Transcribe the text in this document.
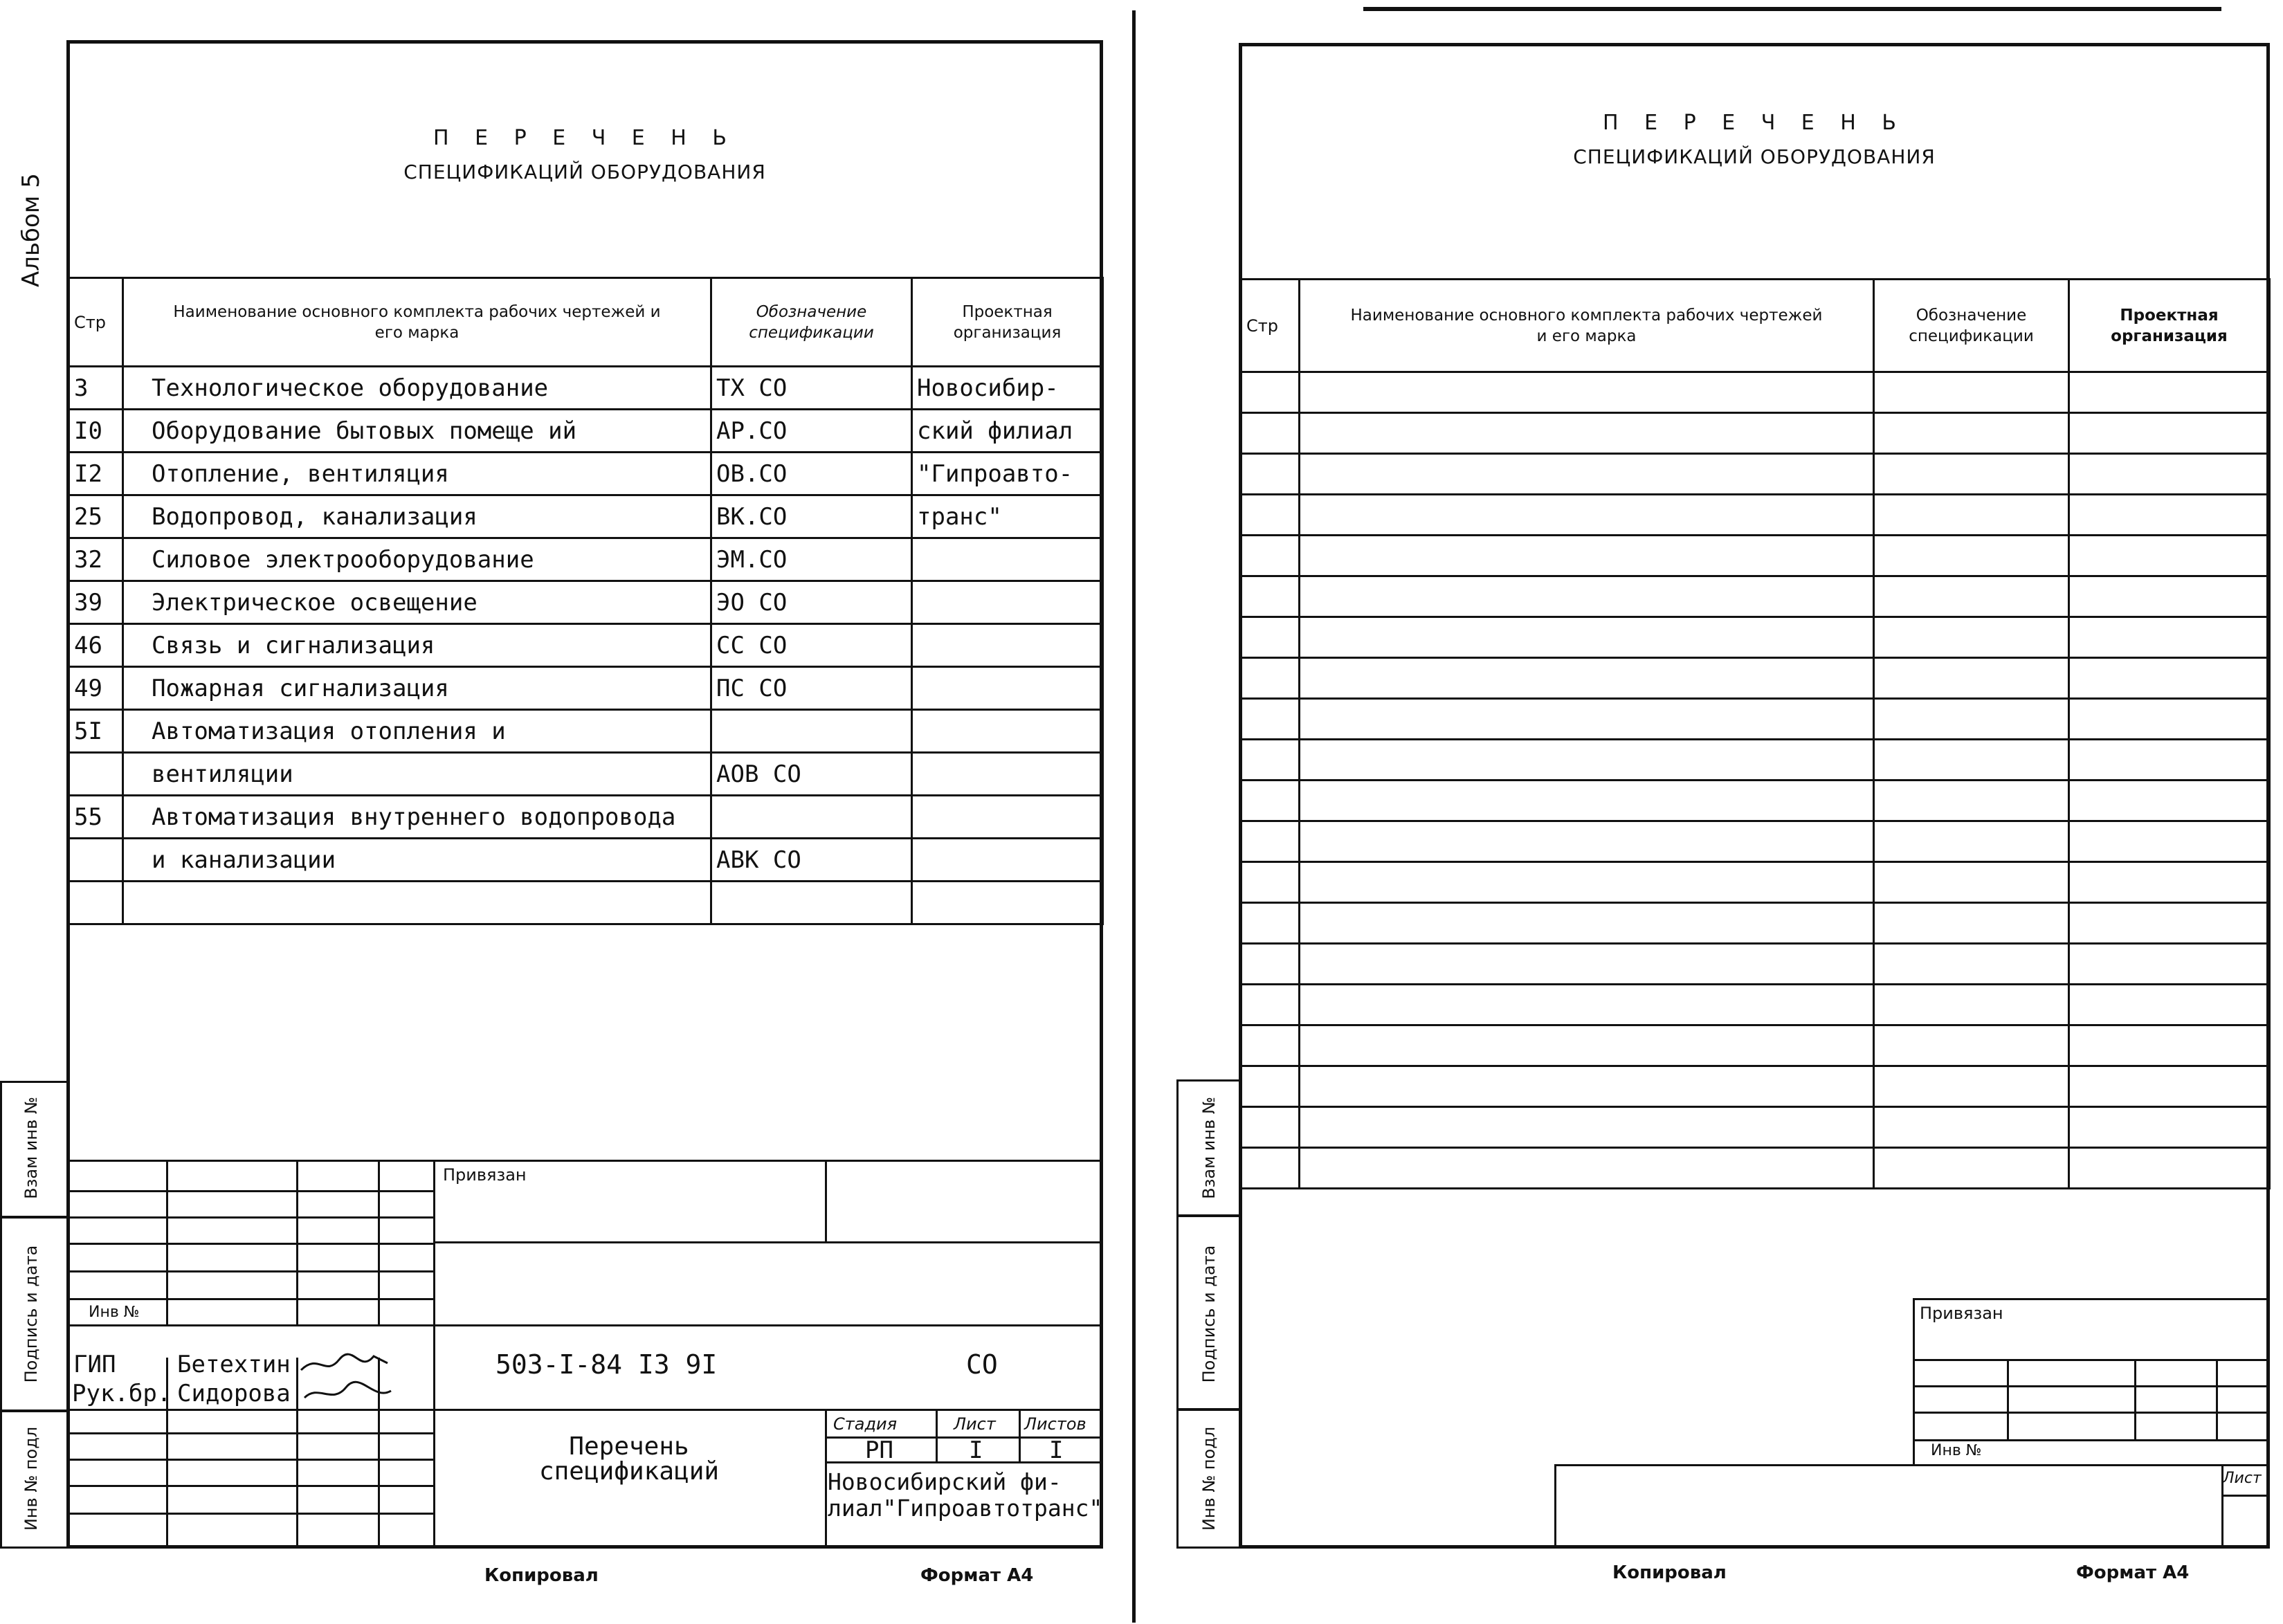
Альбом 5
П Е Р Е Ч Е Н Ь
СПЕЦИФИКАЦИЙ ОБОРУДОВАНИЯ
Стр	Наименование основного комплекта рабочих чертежей и его марка	Обозначение спецификации	Проектная организация

3	Технологическое оборудование	ТХ СО	Новосибир-
I0	Оборудование бытовых помеще ий	АР.СО	ский филиал
I2	Отопление, вентиляция	ОВ.СО	"Гипроавто-
25	Водопровод, канализация	ВК.СО	транс"
32	Силовое электрооборудование	ЭМ.СО	
39	Электрическое освещение	ЭО СО	
46	Связь и сигнализация	СС СО	
49	Пожарная сигнализация	ПС СО	
5I	Автоматизация отопления и		
	вентиляции	АОВ СО	
55	Автоматизация внутреннего водопровода		
	и канализации	АВК СО	

Взам инв №
Подпись и дата
Инв № подл
Привязан
Инв №
ГИП	Бетехтин
Рук.бр. Сидорова
503-I-84 I3 9I	СО
Перечень
спецификаций
Стадия	Лист Листов
РП	I	I
Новосибирский фи-
лиал"Гипроавтотранс"
Копировал	Формат А4
П Е Р Е Ч Е Н Ь
СПЕЦИФИКАЦИЙ ОБОРУДОВАНИЯ
Стр	Наименование основного комплекта рабочих чертежей и его марка	Обозначение спецификации	Проектная организация

Взам инв №
Подпись и дата
Инв № подл
Привязан
Инв №
Лист
Копировал	Формат А4
